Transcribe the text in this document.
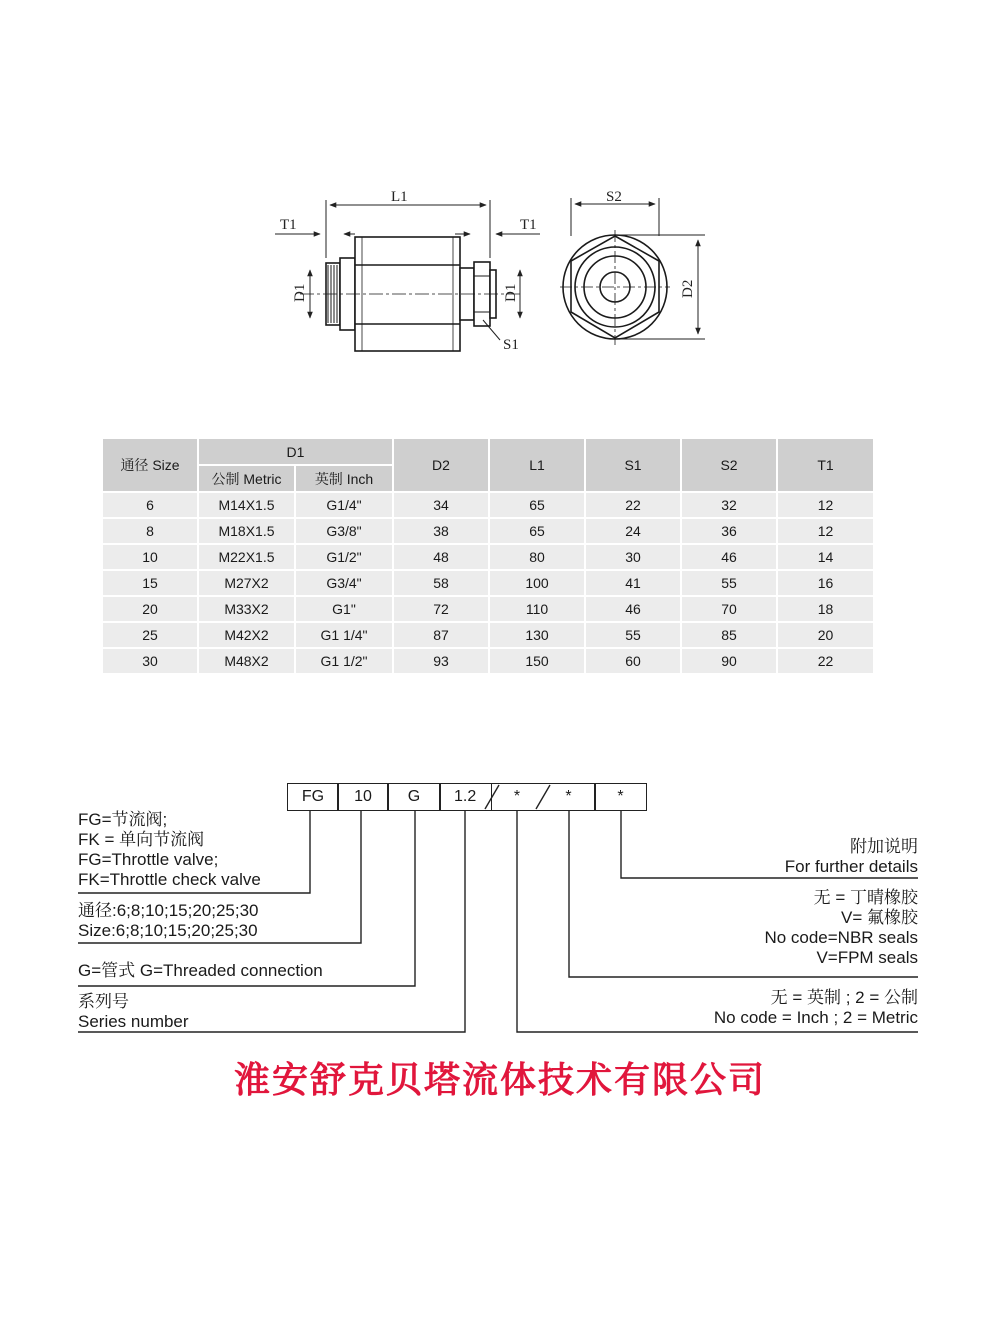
L1
T1	T1
D1	D1
S1
S2
D2
通径 Size	D1		D2	L1	S1	S2	T1
	公制 Metric	英制 Inch					
6	M14X1.5	G1/4"	34	65	22	32	12
8	M18X1.5	G3/8"	38	65	24	36	12
10	M22X1.5	G1/2"	48	80	30	46	14
15	M27X2	G3/4"	58	100	41	55	16
20	M33X2	G1"	72	110	46	70	18
25	M42X2	G1 1/4"	87	130	55	85	20
30	M48X2	G1 1/2"	93	150	60	90	22
FG	10	G	1.2	*	*	*
FG=节流阀;
FK = 单向节流阀
FG=Throttle valve;
FK=Throttle check valve
通径:6;8;10;15;20;25;30
Size:6;8;10;15;20;25;30
G=管式 G=Threaded connection
系列号
Series number
附加说明
For further details
无 = 丁晴橡胶
V= 氟橡胶
No code=NBR seals
V=FPM seals
无 = 英制 ; 2 = 公制
No code = Inch ; 2 = Metric
淮安舒克贝塔流体技术有限公司
